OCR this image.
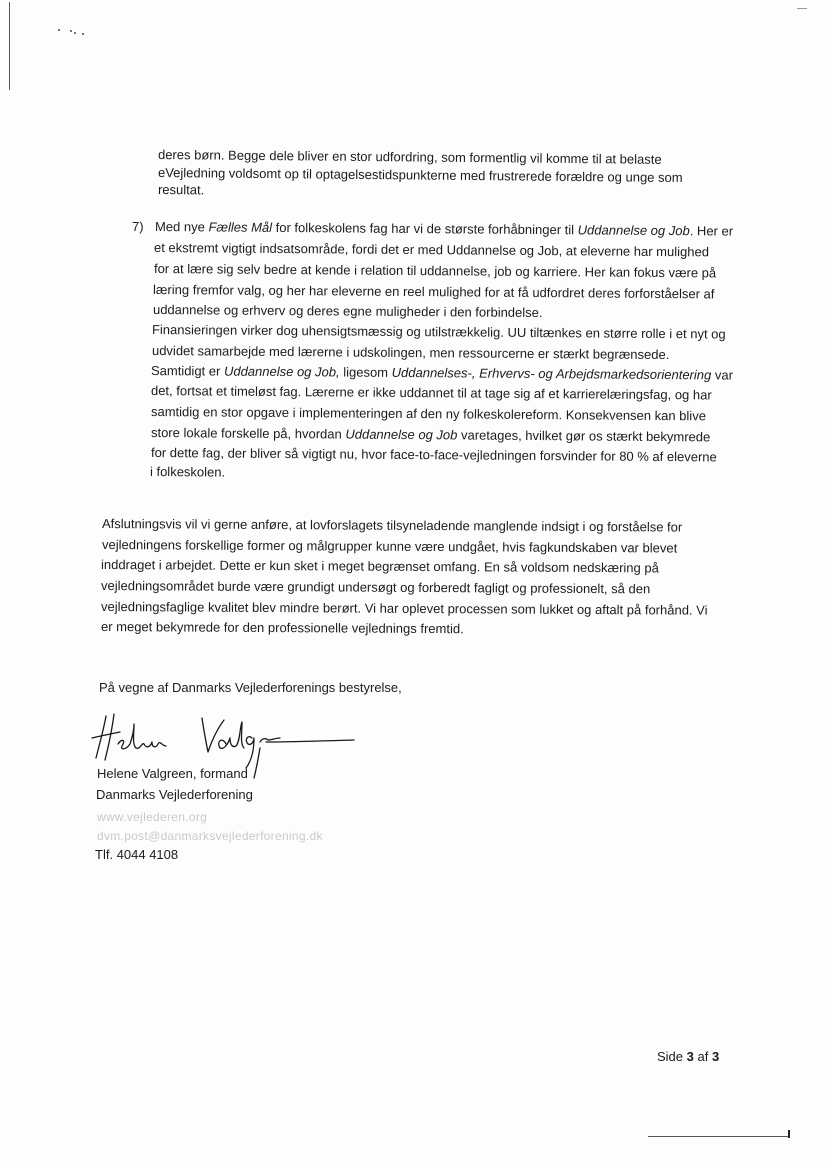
deres børn. Begge dele bliver en stor udfordring, som formentlig vil komme til at belaste
eVejledning voldsomt op til optagelsestidspunkterne med frustrerede forældre og unge som
resultat.
7) Med nye Fælles Mål for folkeskolens fag har vi de største forhåbninger til Uddannelse og Job. Her er
et ekstremt vigtigt indsatsområde, fordi det er med Uddannelse og Job, at eleverne har mulighed
for at lære sig selv bedre at kende i relation til uddannelse, job og karriere. Her kan fokus være på
læring fremfor valg, og her har eleverne en reel mulighed for at få udfordret deres forforståelser af
uddannelse og erhverv og deres egne muligheder i den forbindelse.
Finansieringen virker dog uhensigtsmæssig og utilstrækkelig. UU tiltænkes en større rolle i et nyt og
udvidet samarbejde med lærerne i udskolingen, men ressourcerne er stærkt begrænsede.
Samtidigt er Uddannelse og Job, ligesom Uddannelses-, Erhvervs- og Arbejdsmarkedsorientering var
det, fortsat et timeløst fag. Lærerne er ikke uddannet til at tage sig af et karrierelæringsfag, og har
samtidig en stor opgave i implementeringen af den ny folkeskolereform. Konsekvensen kan blive
store lokale forskelle på, hvordan Uddannelse og Job varetages, hvilket gør os stærkt bekymrede
for dette fag, der bliver så vigtigt nu, hvor face-to-face-vejledningen forsvinder for 80 % af eleverne
i folkeskolen.
Afslutningsvis vil vi gerne anføre, at lovforslagets tilsyneladende manglende indsigt i og forståelse for
vejledningens forskellige former og målgrupper kunne være undgået, hvis fagkundskaben var blevet
inddraget i arbejdet. Dette er kun sket i meget begrænset omfang. En så voldsom nedskæring på
vejledningsområdet burde være grundigt undersøgt og forberedt fagligt og professionelt, så den
vejledningsfaglige kvalitet blev mindre berørt. Vi har oplevet processen som lukket og aftalt på forhånd. Vi
er meget bekymrede for den professionelle vejlednings fremtid.
På vegne af Danmarks Vejlederforenings bestyrelse,
Helene Valgreen, formand
Danmarks Vejlederforening
www.vejlederen.org
dvm.post@danmarksvejlederforening.dk
Tlf. 4044 4108
Side 3 af 3
